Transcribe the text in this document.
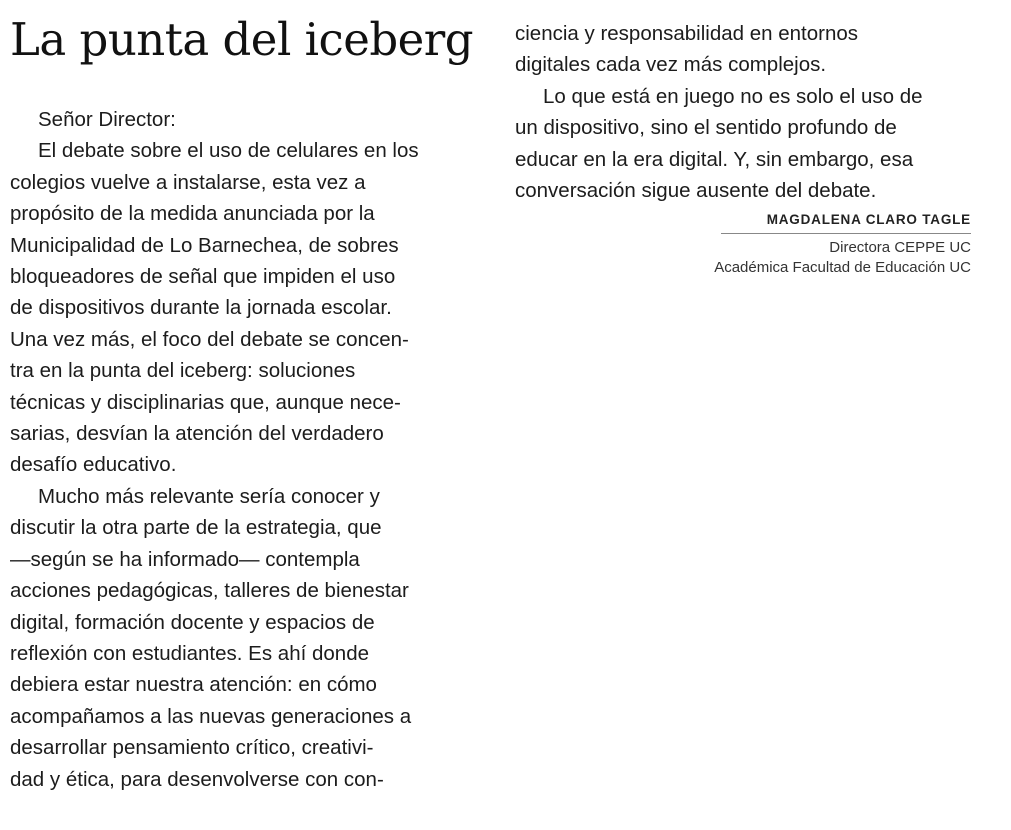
La punta del iceberg
Señor Director:
El debate sobre el uso de celulares en los
colegios vuelve a instalarse, esta vez a
propósito de la medida anunciada por la
Municipalidad de Lo Barnechea, de sobres
bloqueadores de señal que impiden el uso
de dispositivos durante la jornada escolar.
Una vez más, el foco del debate se concen-
tra en la punta del iceberg: soluciones
técnicas y disciplinarias que, aunque nece-
sarias, desvían la atención del verdadero
desafío educativo.
Mucho más relevante sería conocer y
discutir la otra parte de la estrategia, que
—según se ha informado— contempla
acciones pedagógicas, talleres de bienestar
digital, formación docente y espacios de
reflexión con estudiantes. Es ahí donde
debiera estar nuestra atención: en cómo
acompañamos a las nuevas generaciones a
desarrollar pensamiento crítico, creativi-
dad y ética, para desenvolverse con con-
ciencia y responsabilidad en entornos
digitales cada vez más complejos.
Lo que está en juego no es solo el uso de
un dispositivo, sino el sentido profundo de
educar en la era digital. Y, sin embargo, esa
conversación sigue ausente del debate.
MAGDALENA CLARO TAGLE
Directora CEPPE UC
Académica Facultad de Educación UC
